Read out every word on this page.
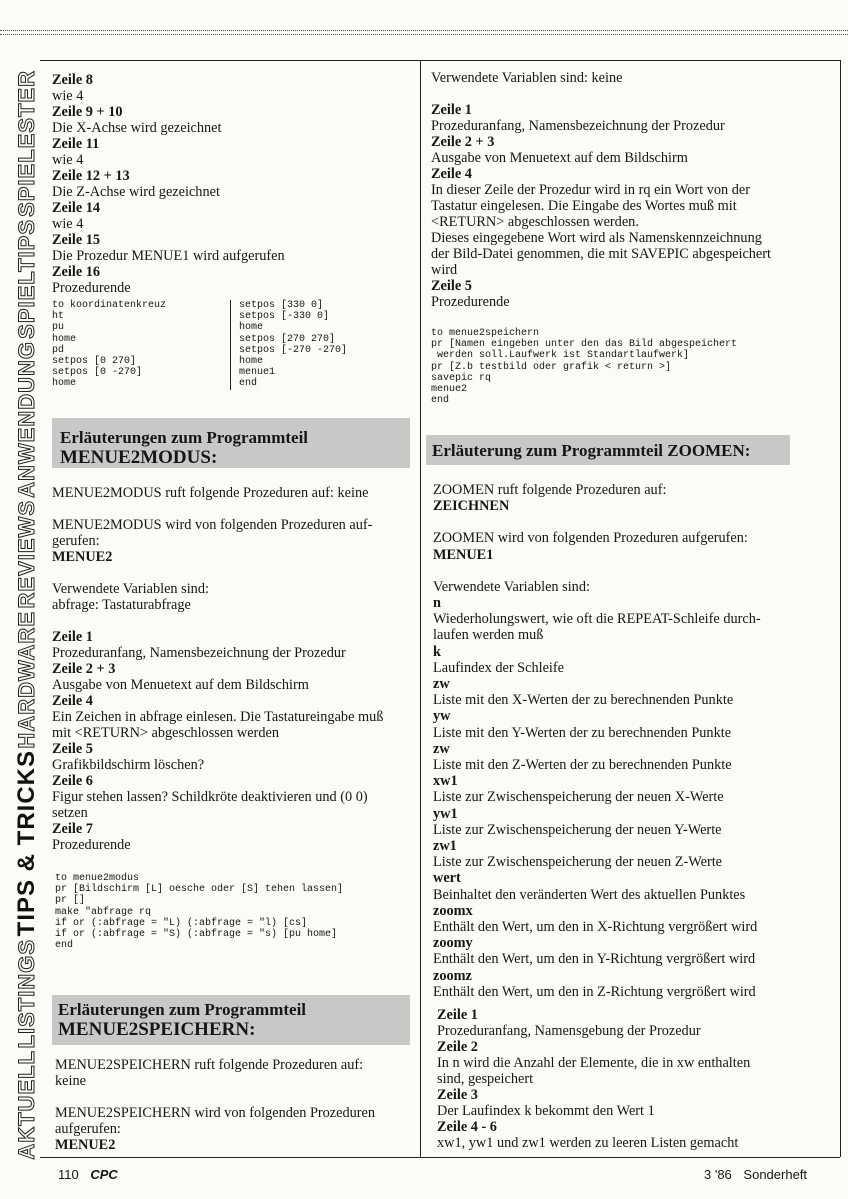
SPIELESTER
SPIELTIPS
ANWENDUNG
REVIEWS
HARDWARE
TIPS & TRICKS
LISTINGS
AKTUELL

Zeile 8

wie 4

Zeile 9 + 10

Die X-Achse wird gezeichnet

Zeile 11

wie 4

Zeile 12 + 13

Die Z-Achse wird gezeichnet

Zeile 14

wie 4

Zeile 15

Die Prozedur MENUE1 wird aufgerufen

Zeile 16

Prozedurende

to koordinatenkreuz
ht
pu
home
pd
setpos [0 270]
setpos [0 -270]
home
setpos [330 0]
setpos [-330 0]
home
setpos [270 270]
setpos [-270 -270]
home
menue1
end
Erläuterungen zum Programmteil
MENUE2MODUS:

MENUE2MODUS ruft folgende Prozeduren auf: keine

MENUE2MODUS wird von folgenden Prozeduren auf-

gerufen:

MENUE2

Verwendete Variablen sind:

abfrage: Tastaturabfrage

Zeile 1

Prozeduranfang, Namensbezeichnung der Prozedur

Zeile 2 + 3

Ausgabe von Menuetext auf dem Bildschirm

Zeile 4

Ein Zeichen in abfrage einlesen. Die Tastatureingabe muß

mit <RETURN> abgeschlossen werden

Zeile 5

Grafikbildschirm löschen?

Zeile 6

Figur stehen lassen? Schildkröte deaktivieren und (0 0)

setzen

Zeile 7

Prozedurende

to menue2modus
pr [Bildschirm [L] oesche oder [S] tehen lassen]
pr []
make "abfrage rq
if or (:abfrage = "L) (:abfrage = "l) [cs]
if or (:abfrage = "S) (:abfrage = "s) [pu home]
end
Erläuterungen zum Programmteil
MENUE2SPEICHERN:

MENUE2SPEICHERN ruft folgende Prozeduren auf:

keine

MENUE2SPEICHERN wird von folgenden Prozeduren

aufgerufen:

MENUE2

Verwendete Variablen sind: keine

Zeile 1

Prozeduranfang, Namensbezeichnung der Prozedur

Zeile 2 + 3

Ausgabe von Menuetext auf dem Bildschirm

Zeile 4

In dieser Zeile der Prozedur wird in rq ein Wort von der

Tastatur eingelesen. Die Eingabe des Wortes muß mit

<RETURN> abgeschlossen werden.

Dieses eingegebene Wort wird als Namenskennzeichnung

der Bild-Datei genommen, die mit SAVEPIC abgespeichert

wird

Zeile 5

Prozedurende

to menue2speichern
pr [Namen eingeben unter den das Bild abgespeichert
werden soll.Laufwerk ist Standartlaufwerk]
pr [Z.b testbild oder grafik < return >]
savepic rq
menue2
end
Erläuterung zum Programmteil ZOOMEN:

ZOOMEN ruft folgende Prozeduren auf:

ZEICHNEN

ZOOMEN wird von folgenden Prozeduren aufgerufen:

MENUE1

Verwendete Variablen sind:

n

Wiederholungswert, wie oft die REPEAT-Schleife durch-

laufen werden muß

k

Laufindex der Schleife

zw

Liste mit den X-Werten der zu berechnenden Punkte

yw

Liste mit den Y-Werten der zu berechnenden Punkte

zw

Liste mit den Z-Werten der zu berechnenden Punkte

xw1

Liste zur Zwischenspeicherung der neuen X-Werte

yw1

Liste zur Zwischenspeicherung der neuen Y-Werte

zw1

Liste zur Zwischenspeicherung der neuen Z-Werte

wert

Beinhaltet den veränderten Wert des aktuellen Punktes

zoomx

Enthält den Wert, um den in X-Richtung vergrößert wird

zoomy

Enthält den Wert, um den in Y-Richtung vergrößert wird

zoomz

Enthält den Wert, um den in Z-Richtung vergrößert wird

Zeile 1

Prozeduranfang, Namensgebung der Prozedur

Zeile 2

In n wird die Anzahl der Elemente, die in xw enthalten

sind, gespeichert

Zeile 3

Der Laufindex k bekommt den Wert 1

Zeile 4 - 6

xw1, yw1 und zw1 werden zu leeren Listen gemacht

110 CPC	3 '86 Sonderheft
